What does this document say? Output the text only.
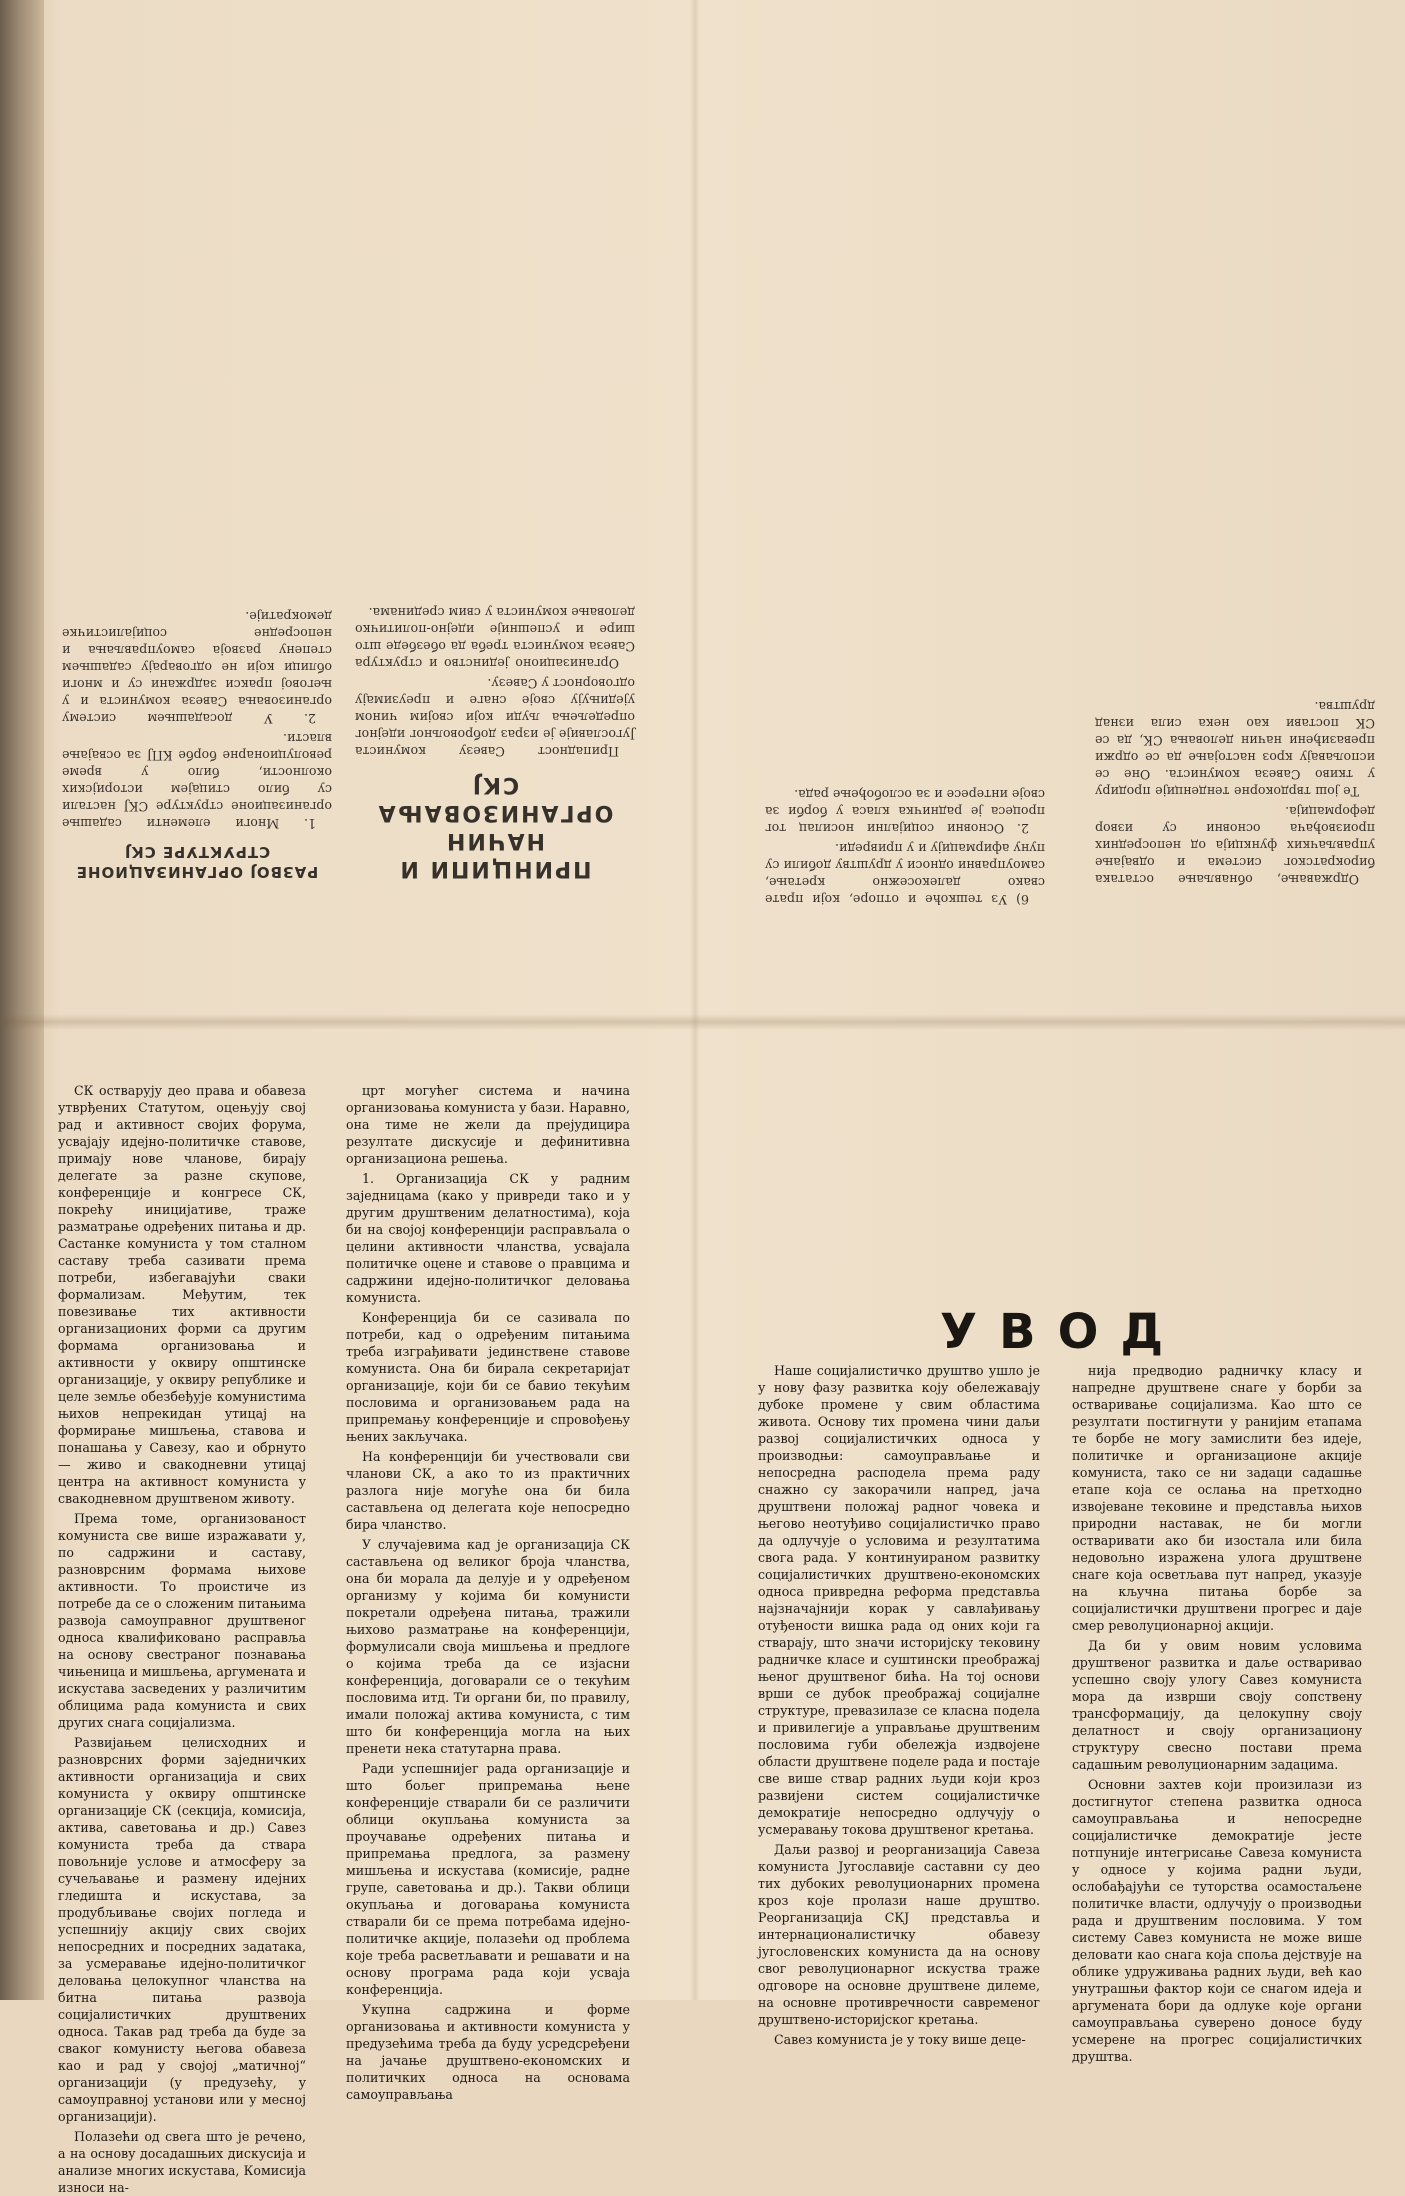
РАЗВОЈ ОРГАНИЗАЦИОНЕ СТРУКТУРЕ СКЈ

1. Многи елементи садашње организационе структуре СКЈ настали су било стицајем историјских околности, било у време револуционарне борбе КПЈ за освајање власти.

2. У досадашњем систему организовања Савеза комуниста и у његовој пракси задржани су и многи облици који не одговарају садашњем степену развоја самоуправљања и непосредне социјалистичке демократије.

ПРИНЦИПИ И НАЧИН ОРГАНИЗОВАЊА СКЈ

Припадност Савезу комуниста Југославије је израз добровољног идејног опредељења људи који својим чином уједињују своје снаге и преузимају одговорност у Савезу.

Организационо јединство и структура Савеза комуниста треба да обезбеде што шире и успешније идејно-политичко деловање комуниста у свим срединама.

6) Уз тешкоће и отпоре, који прате свако далекосежно кретање, самоуправни односи у друштву добили су пуну афирмацију и у привреди.

2. Основни социјални носилац тог процеса је радничка класа у борби за своје интересе и за ослобођење рада.

Одржавање, обнављање остатака бирократског система и одвајање управљачких функција од непосредних произвођача основни су извор деформација.

Те још тврдокорне тенденције продиру у ткиво Савеза комуниста. Оне се испољавају кроз настојање да се одржи превазиђени начин деловања СК, да се СК постави као нека сила изнад друштва.

СК остварују део права и обавеза утврђених Статутом, оцењују свој рад и активност својих форума, усвајају идејно-политичке ставове, примају нове чланове, бирају делегате за разне скупове, конференције и конгресе СК, покрећу иницијативе, траже разматрање одређених питања и др. Састанке комуниста у том сталном саставу треба сазивати према потреби, избегавајући сваки формализам. Међутим, тек повезивање тих активности организационих форми са другим формама организовања и активности у оквиру општинске организације, у оквиру републике и целе земље обезбеђује комунистима њихов непрекидан утицај на формирање мишљења, ставова и понашања у Савезу, као и обрнуто — живо и свакодневни утицај центра на активност комуниста у свакодневном друштвеном животу.

Према томе, организованост комуниста све више изражавати у, по садржини и саставу, разноврсним формама њихове активности. То проистиче из потребе да се о сложеним питањима развоја самоуправног друштвеног односа квалификовано расправља на основу свестраног познавања чињеница и мишљења, аргумената и искустава засведених у различитим облицима рада комуниста и свих других снага социјализма.

Развијањем целисходних и разноврсних форми заједничких активности организација и свих комуниста у оквиру општинске организације СК (секција, комисија, актива, саветовања и др.) Савез комуниста треба да ствара повољније услове и атмосферу за сучељавање и размену идејних гледишта и искустава, за продубљивање својих погледа и успешнију акцију свих својих непосредних и посредних задатака, за усмеравање идејно-политичког деловања целокупног чланства на битна питања развоја социјалистичких друштвених односа. Такав рад треба да буде за сваког комунисту његова обавеза као и рад у својој „матичној“ организацији (у предузећу, у самоуправној установи или у месној организацији).

Полазећи од свега што је речено, а на основу досадашњих дискусија и анализе многих искустава, Комисија износи на-

црт могућег система и начина организовања комуниста у бази. Наравно, она тиме не жели да прејудицира резултате дискусије и дефинитивна организациона решења.

1. Организација СК у радним заједницама (како у привреди тако и у другим друштвеним делатностима), која би на својој конференцији расправљала о целини активности чланства, усвајала политичке оцене и ставове о правцима и садржини идејно-политичког деловања комуниста.

Конференција би се сазивала по потреби, кад о одређеним питањима треба изграђивати јединствене ставове комуниста. Она би бирала секретаријат организације, који би се бавио текућим пословима и организовањем рада на припремању конференције и спровођењу њених закључака.

На конференцији би учествовали сви чланови СК, а ако то из практичних разлога није могуће она би била састављена од делегата које непосредно бира чланство.

У случајевима кад је организација СК састављена од великог броја чланства, она би морала да делује и у одређеном организму у којима би комунисти покретали одређена питања, тражили њихово разматрање на конференцији, формулисали своја мишљења и предлоге о којима треба да се изјасни конференција, договарали се о текућим пословима итд. Ти органи би, по правилу, имали положај актива комуниста, с тим што би конференција могла на њих пренети нека статутарна права.

Ради успешнијег рада организације и што бољег припремања њене конференције стварали би се различити облици окупљања комуниста за проучавање одређених питања и припремања предлога, за размену мишљења и искустава (комисије, радне групе, саветовања и др.). Такви облици окупљања и договарања комуниста стварали би се према потребама идејно-политичке акције, полазећи од проблема које треба расветљавати и решавати и на основу програма рада који усваја конференција.

Укупна садржина и форме организовања и активности комуниста у предузећима треба да буду усредсређени на јачање друштвено-економских и политичких односа на основама самоуправљања

УВОД

Наше социјалистичко друштво ушло је у нову фазу развитка коју обележавају дубоке промене у свим областима живота. Основу тих промена чини даљи развој социјалистичких односа у производњи: самоуправљање и непосредна расподела према раду снажно су закорачили напред, јача друштвени положај радног човека и његово неотуђиво социјалистичко право да одлучује о условима и резултатима свога рада. У континуираном развитку социјалистичких друштвено-економских односа привредна реформа представља најзначајнији корак у савлађивању отуђености вишка рада од оних који га стварају, што значи историјску тековину радничке класе и суштински преображај њеног друштвеног бића. На тој основи врши се дубок преображај социјалне структуре, превазилазе се класна подела и привилегије а управљање друштвеним пословима губи обележја издвојене области друштвене поделе рада и постаје све више ствар радних људи који кроз развијени систем социјалистичке демократије непосредно одлучују о усмеравању токова друштвеног кретања.

Даљи развој и реорганизација Савеза комуниста Југославије саставни су део тих дубоких револуционарних промена кроз које пролази наше друштво. Реорганизација СКЈ представља и интернационалистичку обавезу југословенских комуниста да на основу свог револуционарног искуства траже одговоре на основне друштвене дилеме, на основне противречности савременог друштвено-историјског кретања.

Савез комуниста је у току више деце-

нија предводио радничку класу и напредне друштвене снаге у борби за остваривање социјализма. Као што се резултати постигнути у ранијим етапама те борбе не могу замислити без идеје, политичке и организационе акције комуниста, тако се ни задаци садашње етапе која се ослања на претходно извојеване тековине и представља њихов природни наставак, не би могли остваривати ако би изостала или била недовољно изражена улога друштвене снаге која осветљава пут напред, указује на кључна питања борбе за социјалистички друштвени прогрес и даје смер револуционарној акцији.

Да би у овим новим условима друштвеног развитка и даље остваривао успешно своју улогу Савез комуниста мора да изврши своју сопствену трансформацију, да целокупну своју делатност и своју организациону структуру свесно постави према садашњим револуционарним задацима.

Основни захтев који произилази из достигнутог степена развитка односа самоуправљања и непосредне социјалистичке демократије јесте потпуније интегрисање Савеза комуниста у односе у којима радни људи, ослобађајући се туторства осамостаљене политичке власти, одлучују о производњи рада и друштвеним пословима. У том систему Савез комуниста не може више деловати као снага која споља дејствује на облике удруживања радних људи, већ као унутрашњи фактор који се снагом идеја и аргумената бори да одлуке које органи самоуправљања суверено доносе буду усмерене на прогрес социјалистичких друштва.
